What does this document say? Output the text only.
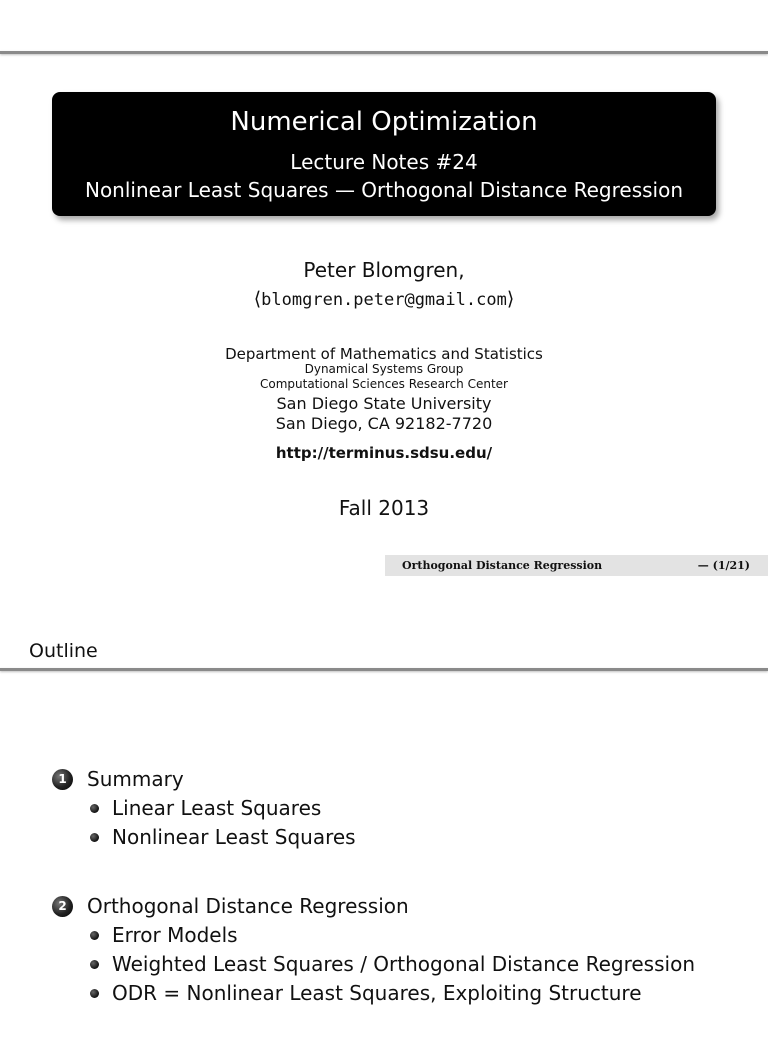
Numerical Optimization
Lecture Notes #24
Nonlinear Least Squares — Orthogonal Distance Regression
Peter Blomgren,
⟨blomgren.peter@gmail.com⟩
Department of Mathematics and Statistics
Dynamical Systems Group
Computational Sciences Research Center
San Diego State University
San Diego, CA 92182-7720
http://terminus.sdsu.edu/
Fall 2013
Orthogonal Distance Regression	— (1/21)
Outline
1	Summary
Linear Least Squares
Nonlinear Least Squares
2	Orthogonal Distance Regression
Error Models
Weighted Least Squares / Orthogonal Distance Regression
ODR = Nonlinear Least Squares, Exploiting Structure
